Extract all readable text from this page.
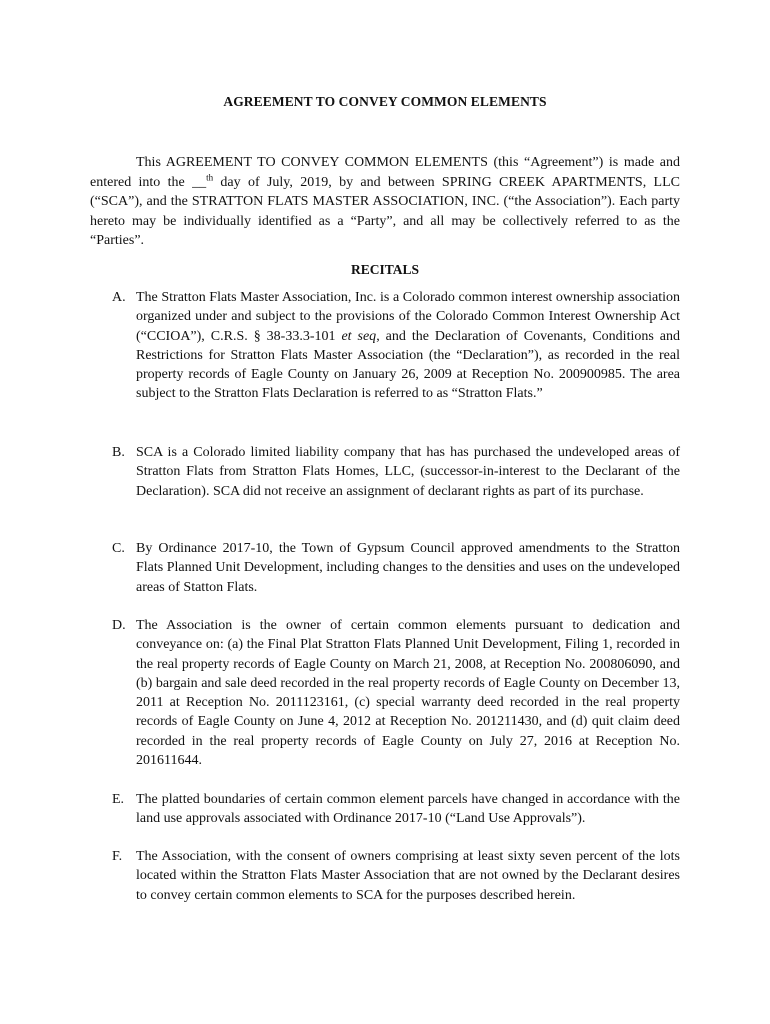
AGREEMENT TO CONVEY COMMON ELEMENTS
This AGREEMENT TO CONVEY COMMON ELEMENTS (this “Agreement”) is made and entered into the __$^{th}$ day of July, 2019, by and between SPRING CREEK APARTMENTS, LLC (“SCA”), and the STRATTON FLATS MASTER ASSOCIATION, INC. (“the Association”). Each party hereto may be individually identified as a “Party”, and all may be collectively referred to as the “Parties”.
RECITALS
A. The Stratton Flats Master Association, Inc. is a Colorado common interest ownership association organized under and subject to the provisions of the Colorado Common Interest Ownership Act (“CCIOA”), C.R.S. § 38-33.3-101 et seq, and the Declaration of Covenants, Conditions and Restrictions for Stratton Flats Master Association (the “Declaration”), as recorded in the real property records of Eagle County on January 26, 2009 at Reception No. 200900985. The area subject to the Stratton Flats Declaration is referred to as “Stratton Flats.”
B. SCA is a Colorado limited liability company that has has purchased the undeveloped areas of Stratton Flats from Stratton Flats Homes, LLC, (successor-in-interest to the Declarant of the Declaration). SCA did not receive an assignment of declarant rights as part of its purchase.
C. By Ordinance 2017-10, the Town of Gypsum Council approved amendments to the Stratton Flats Planned Unit Development, including changes to the densities and uses on the undeveloped areas of Statton Flats.
D. The Association is the owner of certain common elements pursuant to dedication and conveyance on: (a) the Final Plat Stratton Flats Planned Unit Development, Filing 1, recorded in the real property records of Eagle County on March 21, 2008, at Reception No. 200806090, and (b) bargain and sale deed recorded in the real property records of Eagle County on December 13, 2011 at Reception No. 2011123161, (c) special warranty deed recorded in the real property records of Eagle County on June 4, 2012 at Reception No. 201211430, and (d) quit claim deed recorded in the real property records of Eagle County on July 27, 2016 at Reception No. 201611644.
E. The platted boundaries of certain common element parcels have changed in accordance with the land use approvals associated with Ordinance 2017-10 (“Land Use Approvals”).
F. The Association, with the consent of owners comprising at least sixty seven percent of the lots located within the Stratton Flats Master Association that are not owned by the Declarant desires to convey certain common elements to SCA for the purposes described herein.
